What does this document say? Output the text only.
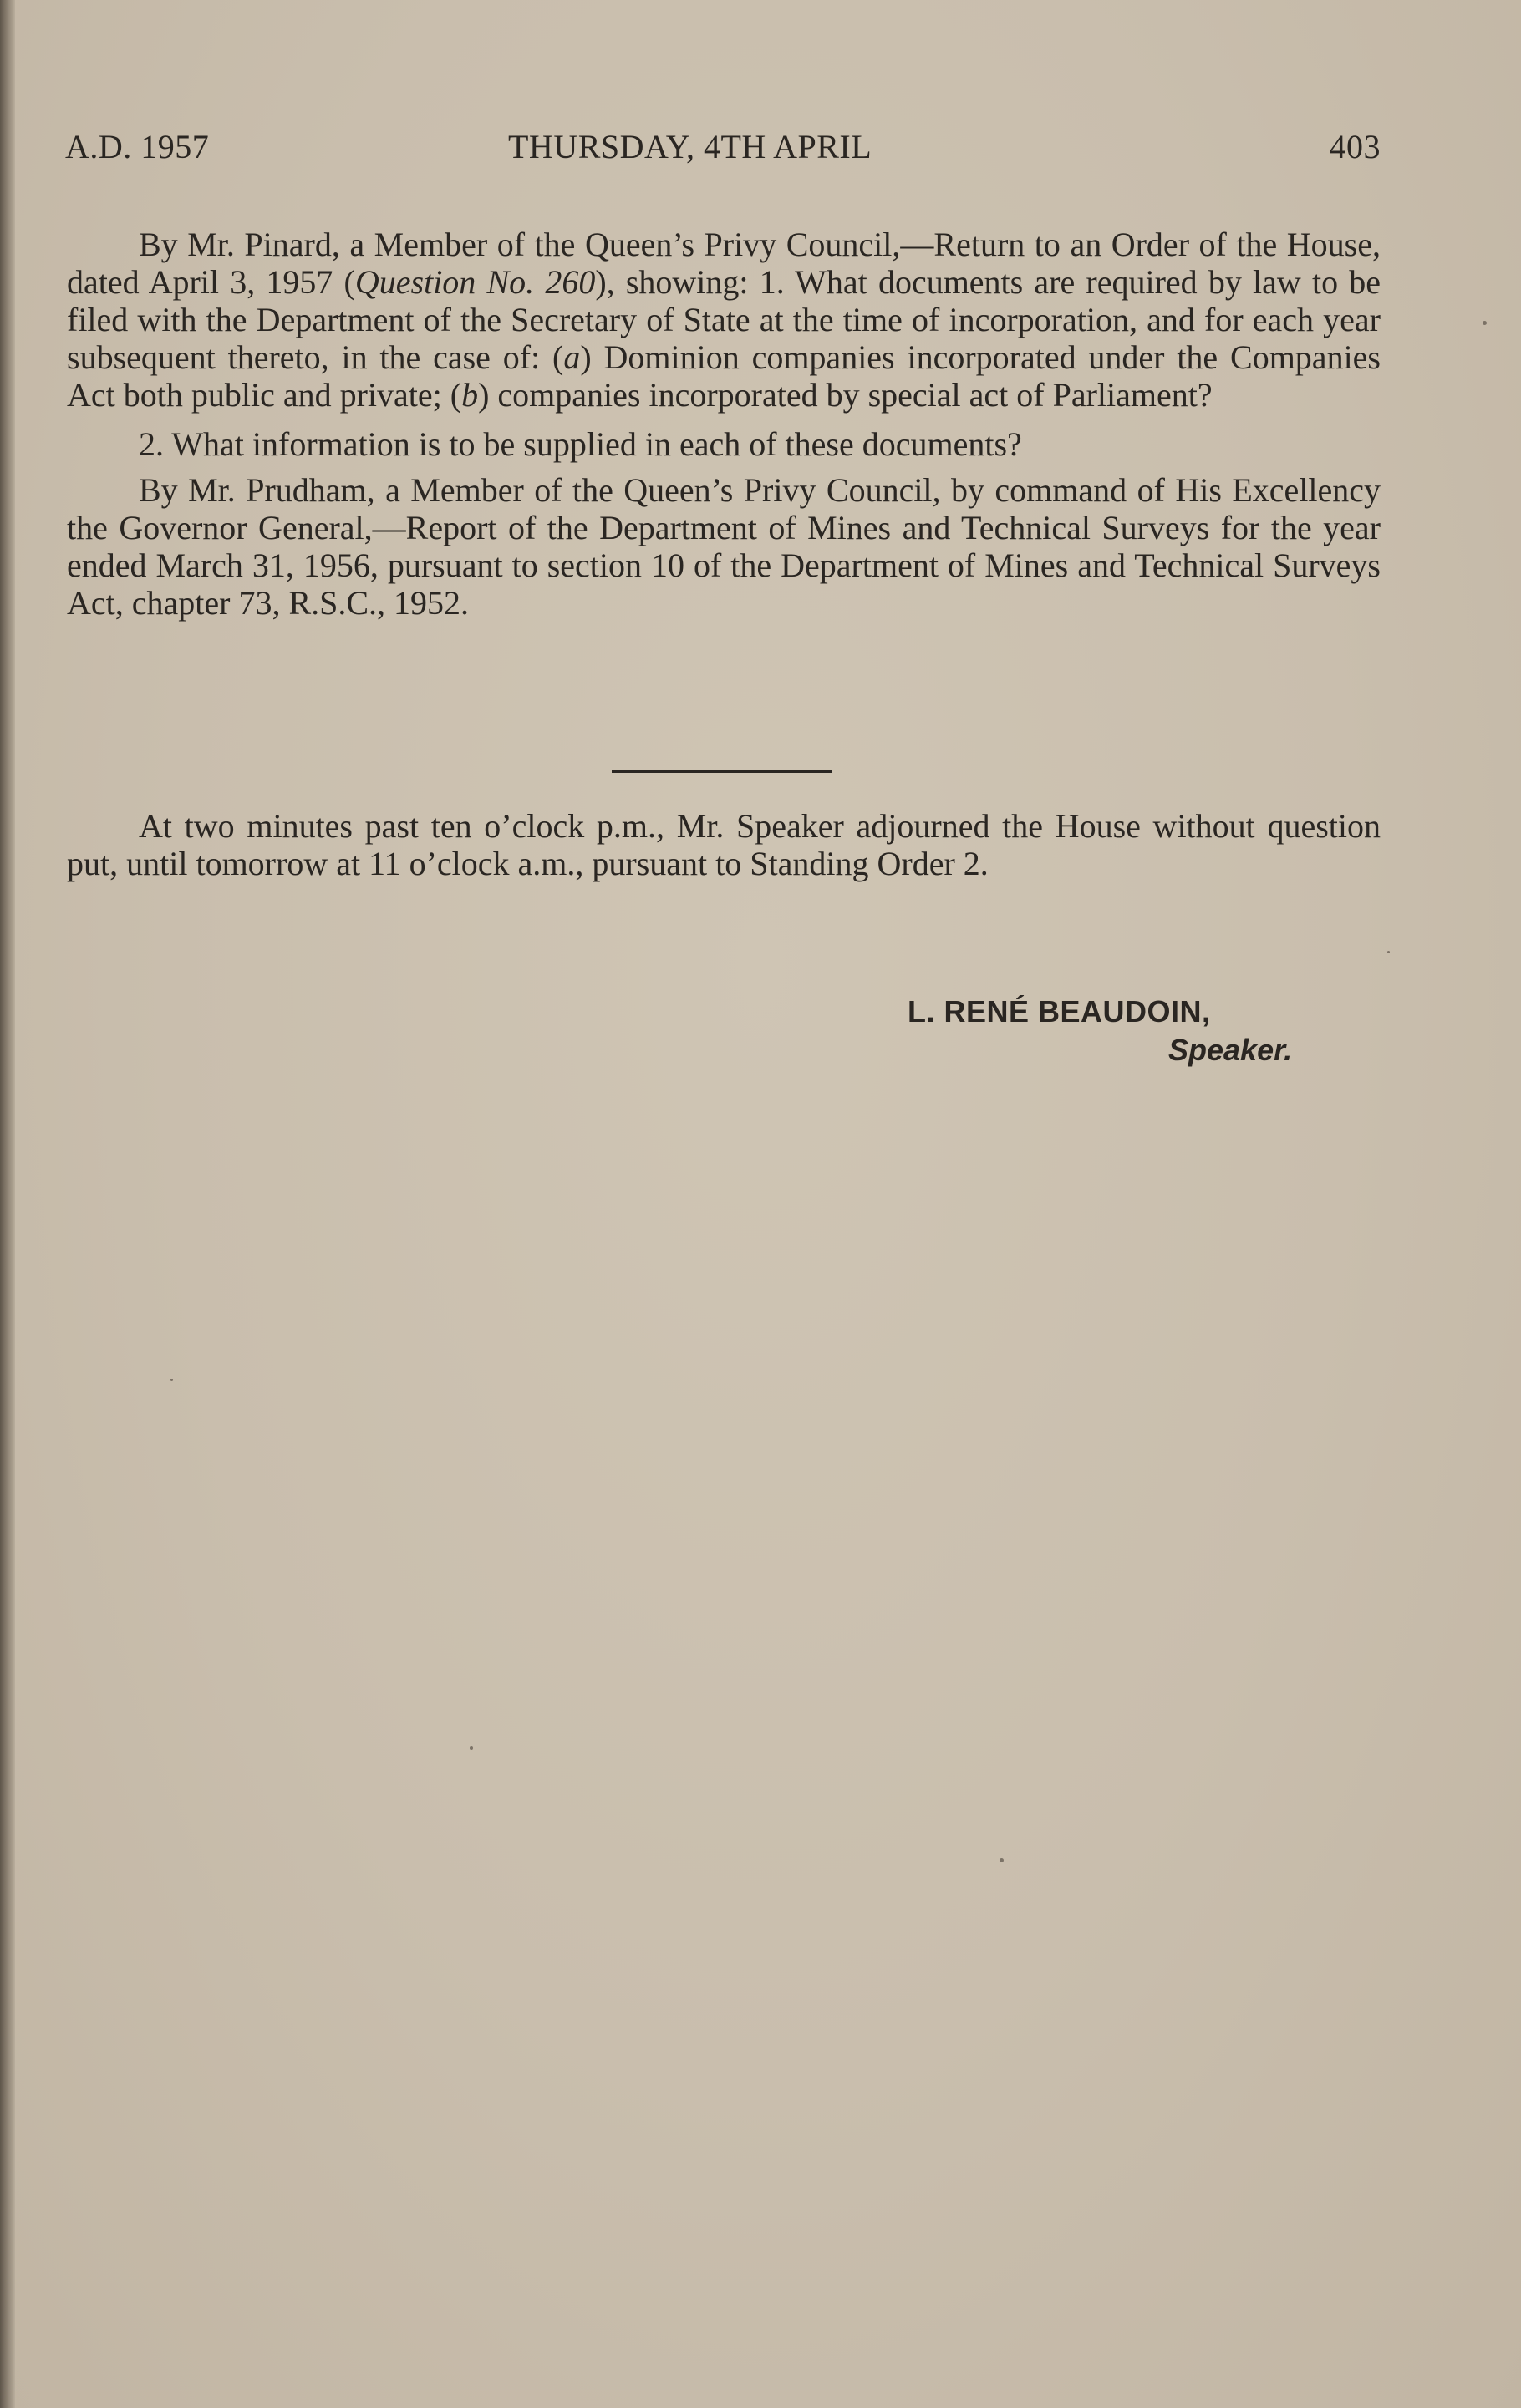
A.D. 1957	THURSDAY, 4TH APRIL	403

By Mr. Pinard, a Member of the Queen’s Privy Council,—Return to an Order of the House, dated April 3, 1957 (Question No. 260), showing: 1. What documents are required by law to be filed with the Department of the Secretary of State at the time of incorporation, and for each year subsequent thereto, in the case of: (a) Dominion companies incorporated under the Companies Act both public and private; (b) companies incorporated by special act of Parliament?

2. What information is to be supplied in each of these documents?

By Mr. Prudham, a Member of the Queen’s Privy Council, by command of His Excellency the Governor General,—Report of the Department of Mines and Technical Surveys for the year ended March 31, 1956, pursuant to section 10 of the Department of Mines and Technical Surveys Act, chapter 73, R.S.C., 1952.

At two minutes past ten o’clock p.m., Mr. Speaker adjourned the House without question put, until tomorrow at 11 o’clock a.m., pursuant to Standing Order 2.

L. RENÉ BEAUDOIN,
Speaker.
